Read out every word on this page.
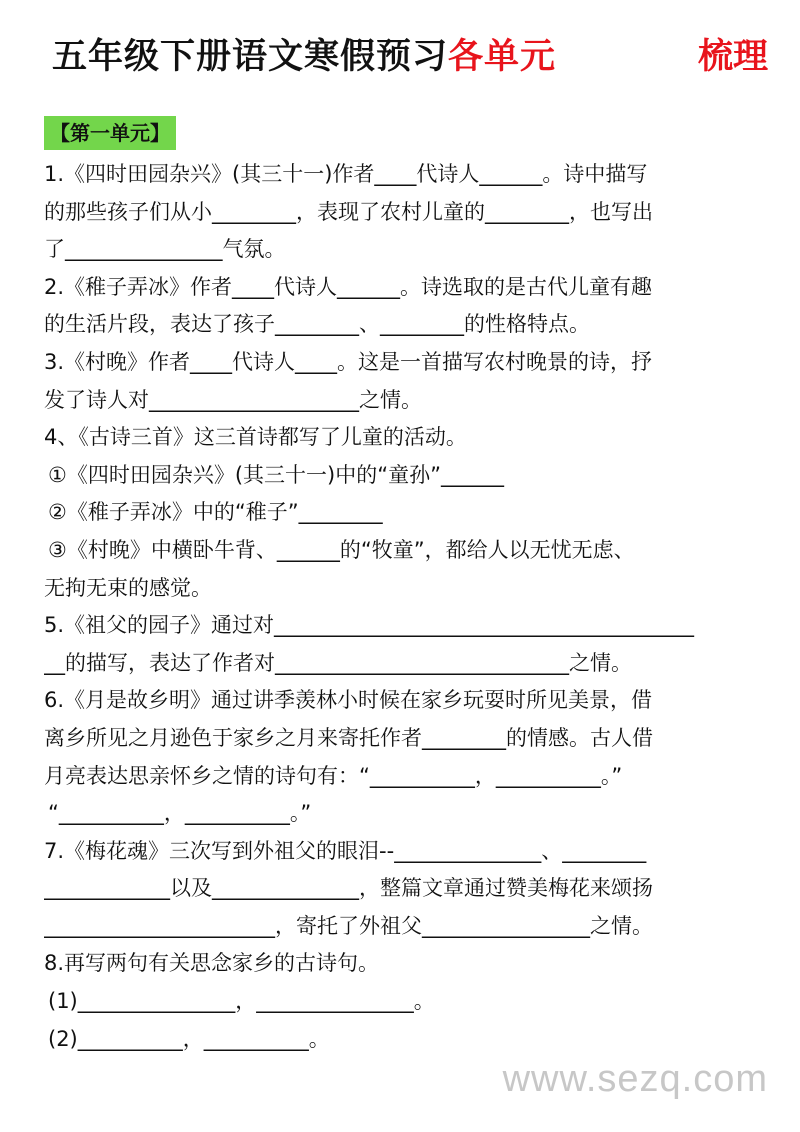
五年级下册语文寒假预习各单元	梳理
【第一单元】
1.《四时田园杂兴》(其三十一)作者____代诗人______。诗中描写
的那些孩子们从小________，表现了农村儿童的________，也写出
了_______________气氛。
2.《稚子弄冰》作者____代诗人______。诗选取的是古代儿童有趣
的生活片段，表达了孩子________、________的性格特点。
3.《村晚》作者____代诗人____。这是一首描写农村晚景的诗，抒
发了诗人对____________________之情。
4、《古诗三首》这三首诗都写了儿童的活动。
①《四时田园杂兴》(其三十一)中的“童孙”______
②《稚子弄冰》中的“稚子”________
③《村晚》中横卧牛背、______的“牧童”，都给人以无忧无虑、
无拘无束的感觉。
5.《祖父的园子》通过对________________________________________
__的描写，表达了作者对____________________________之情。
6.《月是故乡明》通过讲季羡林小时候在家乡玩耍时所见美景，借
离乡所见之月逊色于家乡之月来寄托作者________的情感。古人借
月亮表达思亲怀乡之情的诗句有：“__________，__________。”
“__________，__________。”
7.《梅花魂》三次写到外祖父的眼泪--______________、________
____________以及______________，整篇文章通过赞美梅花来颂扬
______________________，寄托了外祖父________________之情。
8.再写两句有关思念家乡的古诗句。
(1)_______________，_______________。
(2)__________，__________。
www.sezq.com
